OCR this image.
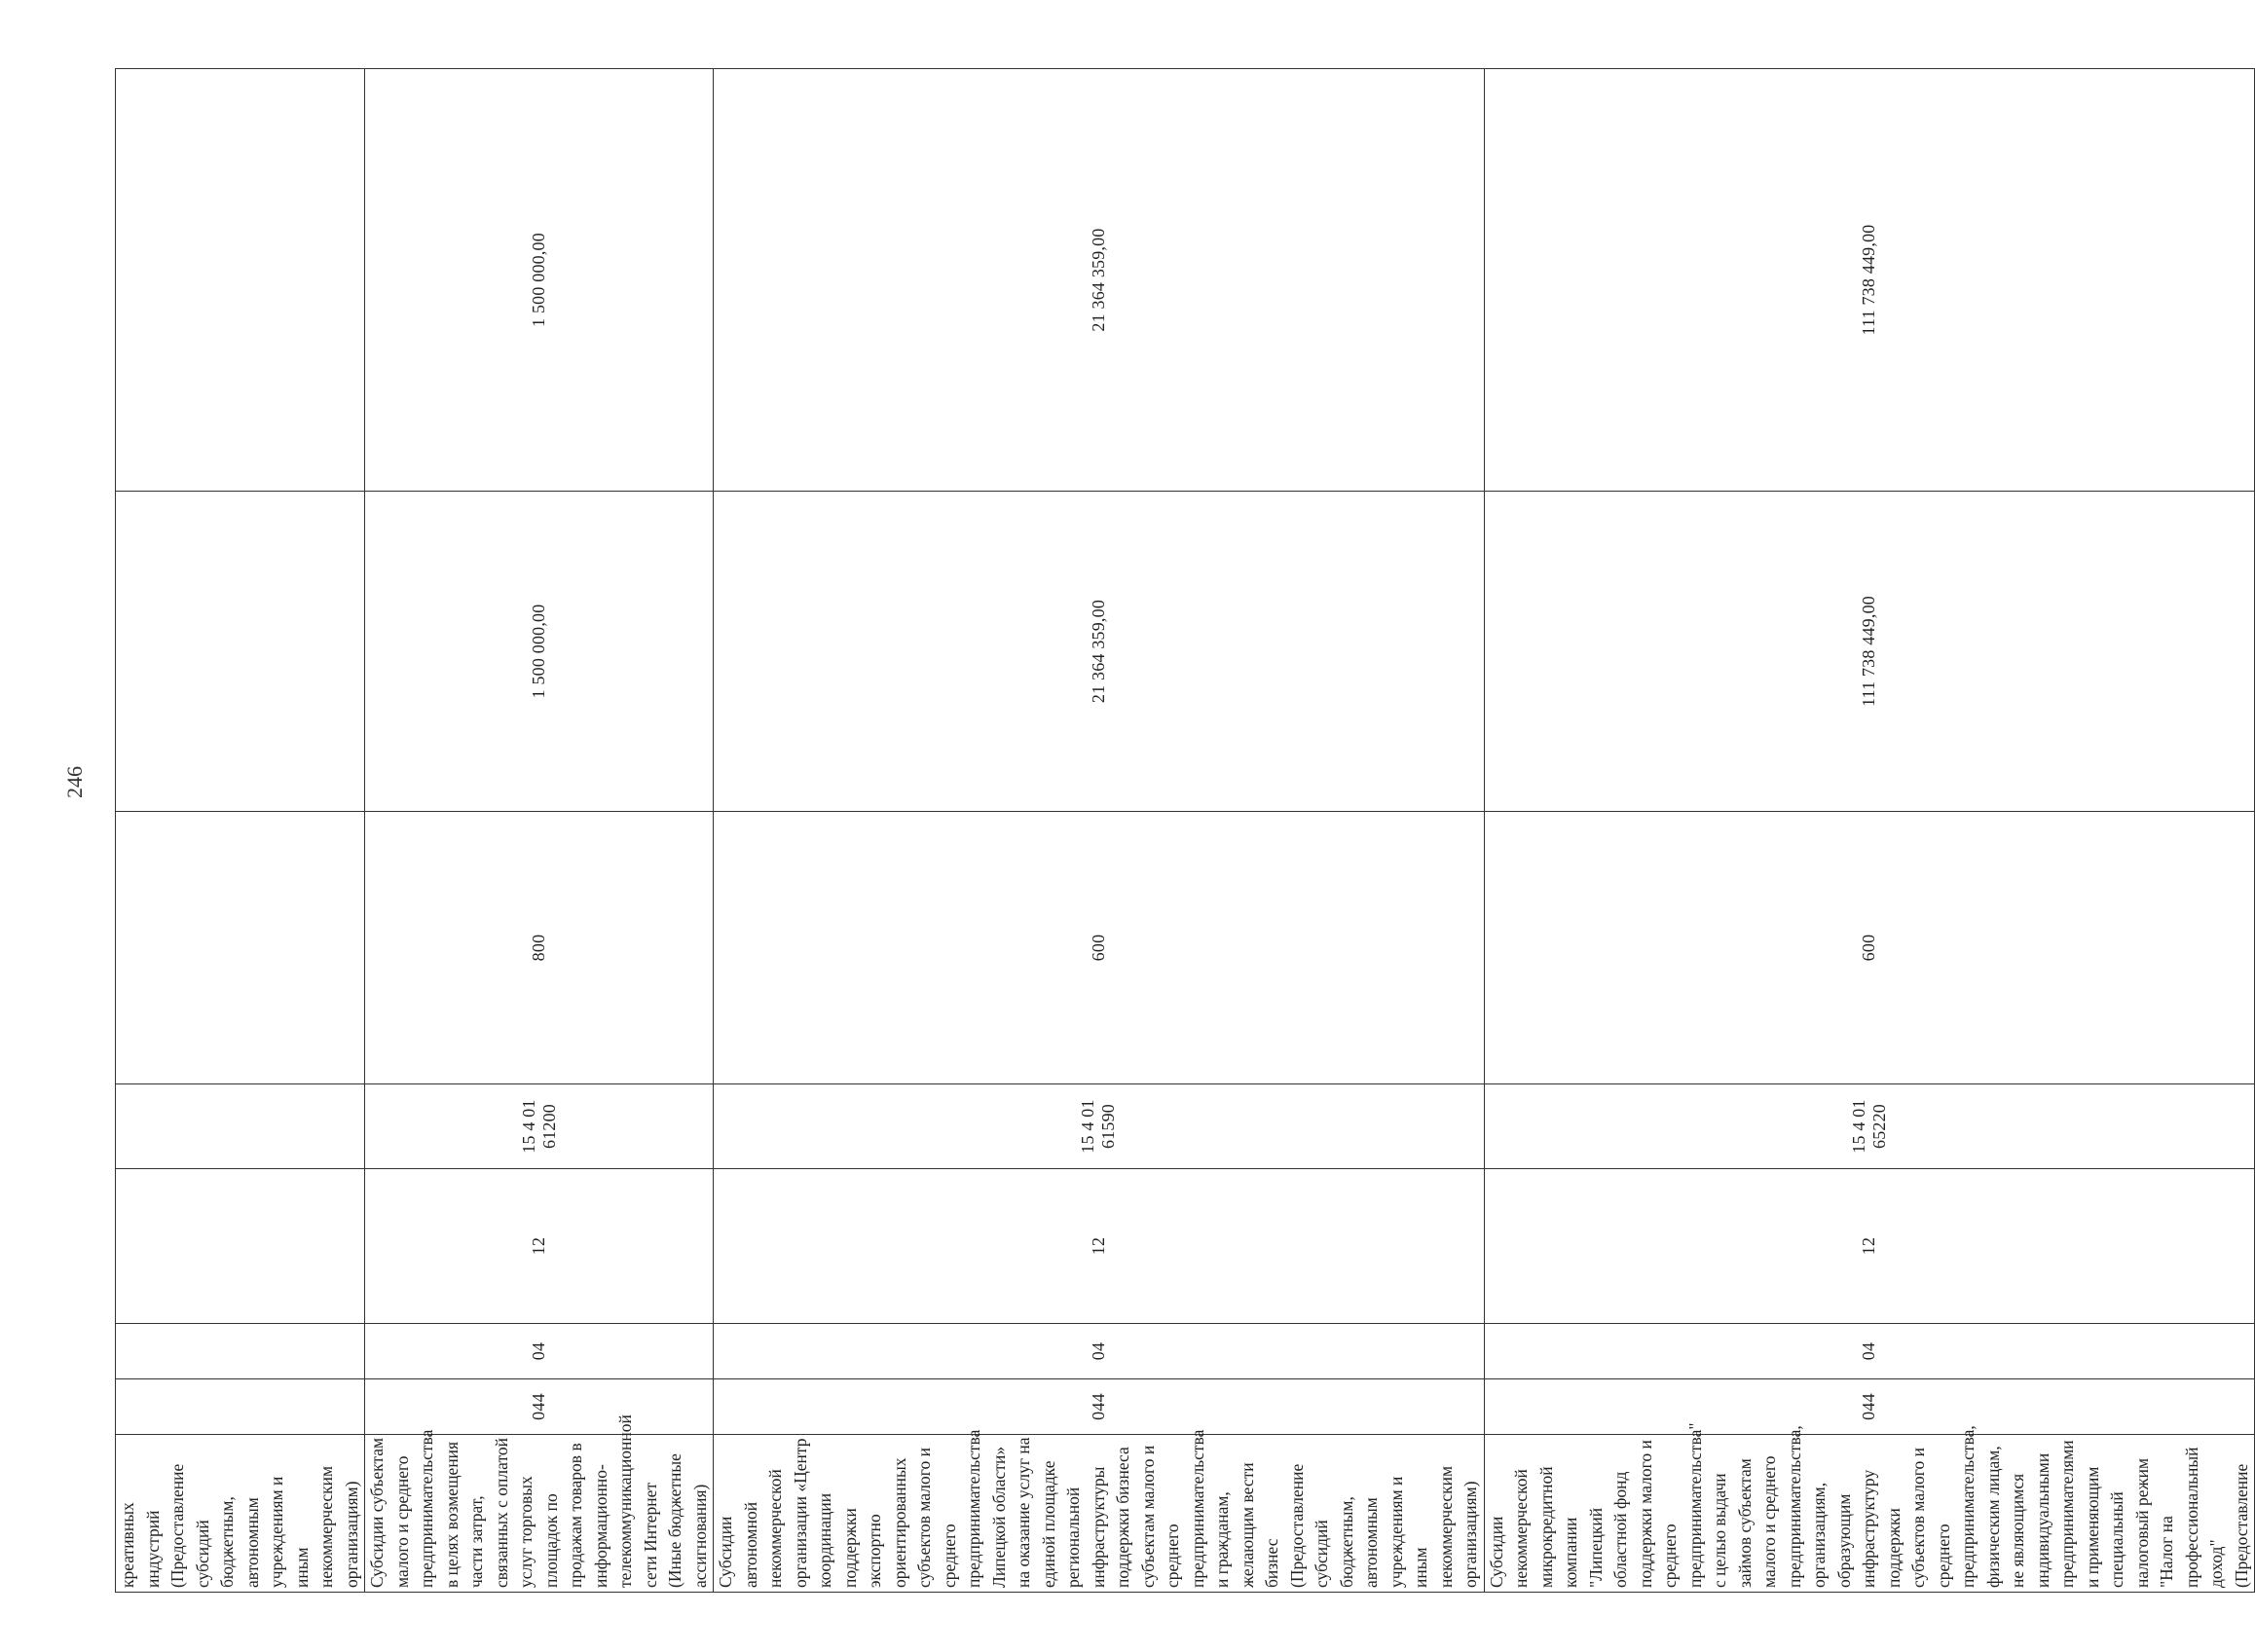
246
креативных индустрий (Предоставление субсидий бюджетным, автономным учреждениям и иным некоммерческим организациям)								
Субсидии субъектам малого и среднего предпринимательства в целях возмещения части затрат, связанных с оплатой услуг торговых площадок по продажам товаров в информационно-телекоммуникационной сети Интернет (Иные бюджетные ассигнования)	044	04	12	15 4 01 61200	800	1 500 000,00	1 500 000,00	
Субсидии автономной некоммерческой организации «Центр координации поддержки экспортно ориентированных субъектов малого и среднего предпринимательства Липецкой области» на оказание услуг на единой площадке региональной инфраструктуры поддержки бизнеса субъектам малого и среднего предпринимательства и гражданам, желающим вести бизнес (Предоставление субсидий бюджетным, автономным учреждениям и иным некоммерческим организациям)	044	04	12	15 4 01 61590	600	21 364 359,00	21 364 359,00	
Субсидии некоммерческой микрокредитной компании "Липецкий областной фонд поддержки малого и среднего предпринимательства" с целью выдачи займов субъектам малого и среднего предпринимательства, организациям, образующим инфраструктуру поддержки субъектов малого и среднего предпринимательства, физическим лицам, не являющимся индивидуальными предпринимателями и применяющим специальный налоговый режим "Налог на профессиональный доход" (Предоставление	044	04	12	15 4 01 65220	600	111 738 449,00	111 738 449,00	
